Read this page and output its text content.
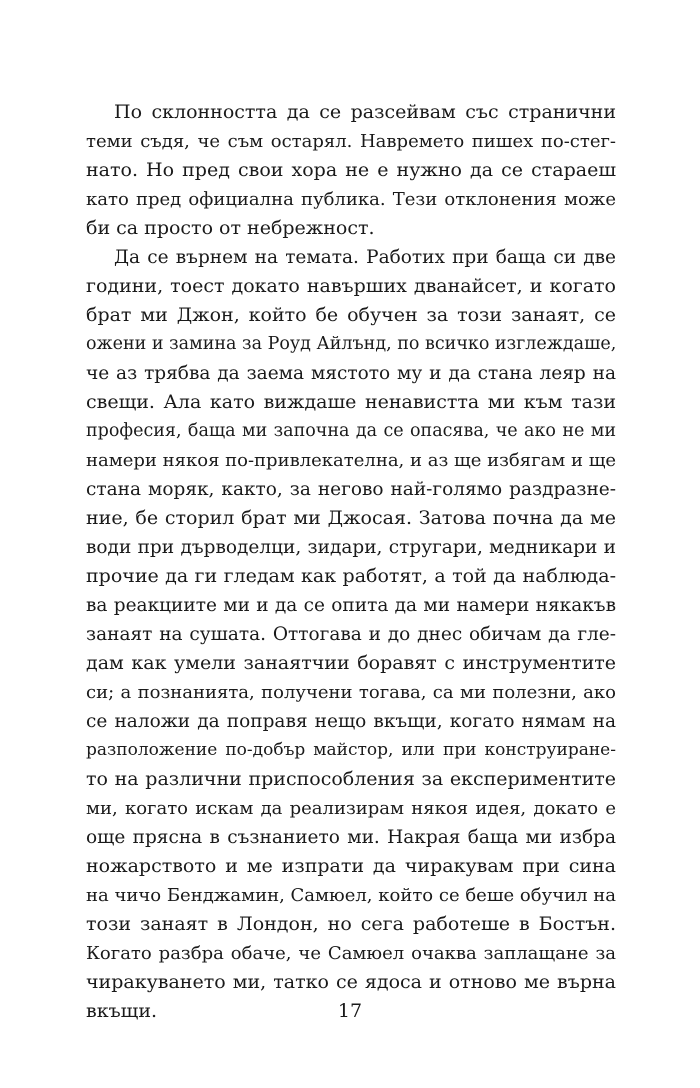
По склонността да се разсейвам със странични
теми съдя, че съм остарял. Навремето пишех по-стег-
нато. Но пред свои хора не е нужно да се стараеш
като пред официална публика. Тези отклонения може
би са просто от небрежност.
Да се върнем на темата. Работих при баща си две
години, тоест докато навърших дванайсет, и когато
брат ми Джон, който бе обучен за този занаят, се
ожени и замина за Роуд Айлънд, по всичко изглеждаше,
че аз трябва да заема мястото му и да стана леяр на
свещи. Ала като виждаше ненавистта ми към тази
професия, баща ми започна да се опасява, че ако не ми
намери някоя по-привлекателна, и аз ще избягам и ще
стана моряк, както, за негово най-голямо раздразне-
ние, бе сторил брат ми Джосая. Затова почна да ме
води при дърводелци, зидари, стругари, медникари и
прочие да ги гледам как работят, а той да наблюда-
ва реакциите ми и да се опита да ми намери някакъв
занаят на сушата. Оттогава и до днес обичам да гле-
дам как умели занаятчии боравят с инструментите
си; а познанията, получени тогава, са ми полезни, ако
се наложи да поправя нещо вкъщи, когато нямам на
разположение по-добър майстор, или при конструиране-
то на различни приспособления за експериментите
ми, когато искам да реализирам някоя идея, докато е
още прясна в съзнанието ми. Накрая баща ми избра
ножарството и ме изпрати да чиракувам при сина
на чичо Бенджамин, Самюел, който се беше обучил на
този занаят в Лондон, но сега работеше в Бостън.
Когато разбра обаче, че Самюел очаква заплащане за
чиракуването ми, татко се ядоса и отново ме върна
вкъщи.	17
